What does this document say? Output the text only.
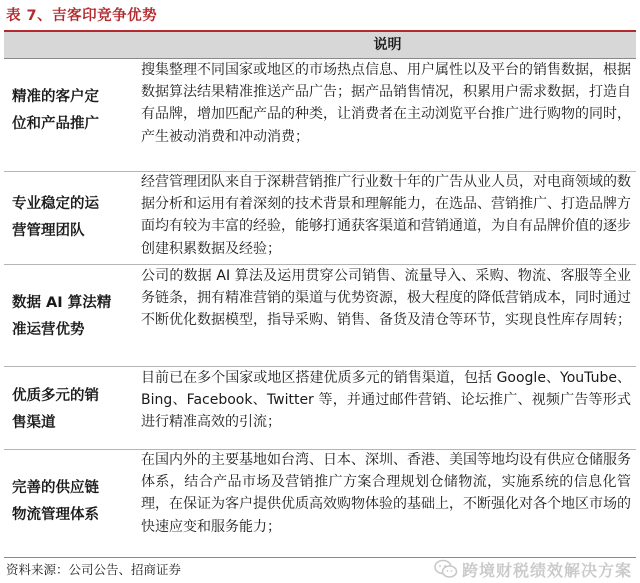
表 7、吉客印竞争优势
说明
精准的客户定
位和产品推广
搜集整理不同国家或地区的市场热点信息、用户属性以及平台的销售数据，根据数据算法结果精准推送产品广告；据产品销售情况，积累用户需求数据，打造自有品牌，增加匹配产品的种类，让消费者在主动浏览平台推广进行购物的同时，产生被动消费和冲动消费；
专业稳定的运
营管理团队
经营管理团队来自于深耕营销推广行业数十年的广告从业人员，对电商领域的数据分析和运用有着深刻的技术背景和理解能力，在选品、营销推广、打造品牌方面均有较为丰富的经验，能够打通获客渠道和营销通道，为自有品牌价值的逐步创建积累数据及经验；
数据 AI 算法精
准运营优势
公司的数据 AI 算法及运用贯穿公司销售、流量导入、采购、物流、客服等全业务链条，拥有精准营销的渠道与优势资源，极大程度的降低营销成本，同时通过不断优化数据模型，指导采购、销售、备货及清仓等环节，实现良性库存周转；
优质多元的销
售渠道
目前已在多个国家或地区搭建优质多元的销售渠道，包括 Google、YouTube、Bing、Facebook、Twitter 等，并通过邮件营销、论坛推广、视频广告等形式进行精准高效的引流；
完善的供应链
物流管理体系
在国内外的主要基地如台湾、日本、深圳、香港、美国等地均设有供应仓储服务体系，结合产品市场及营销推广方案合理规划仓储物流，实施系统的信息化管理，在保证为客户提供优质高效购物体验的基础上，不断强化对各个地区市场的快速应变和服务能力；
资料来源：公司公告、招商证券	跨境财税绩效解决方案
